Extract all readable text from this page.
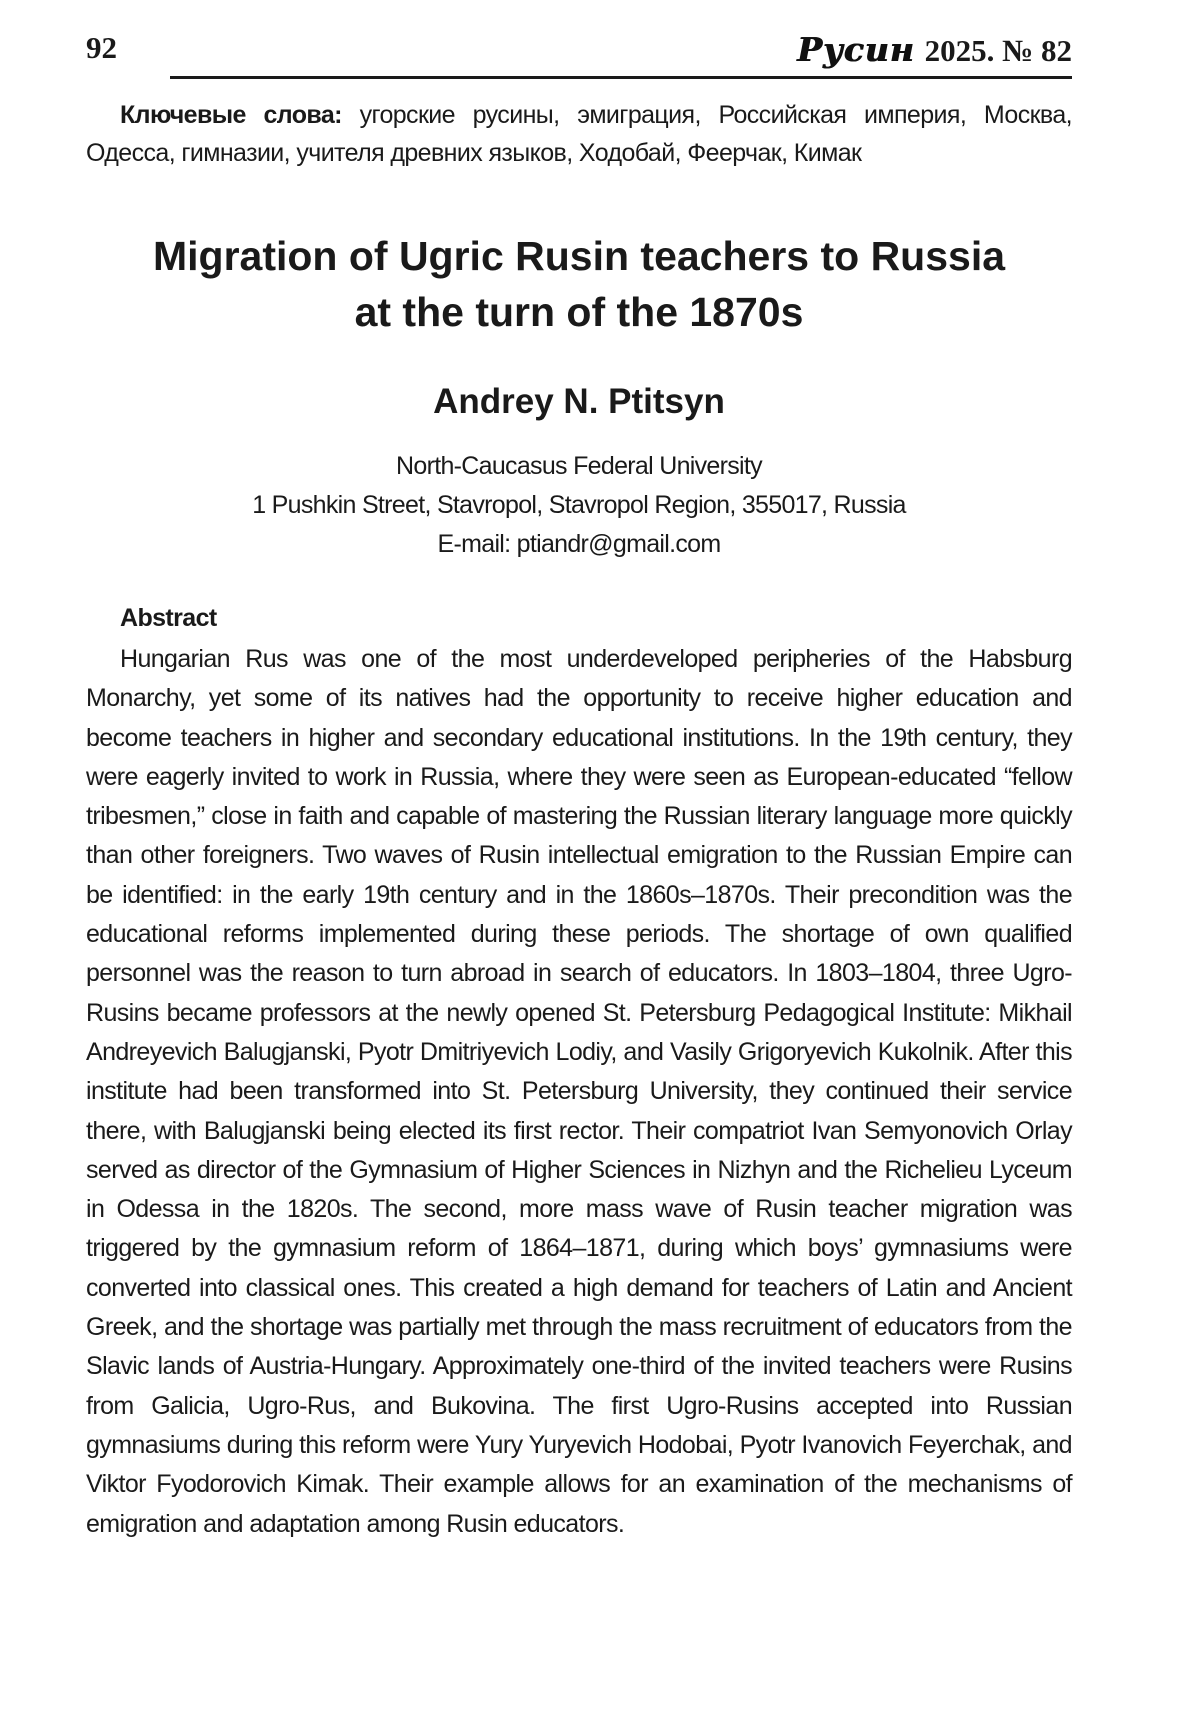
92	Русин 2025. № 82
Ключевые слова: угорские русины, эмиграция, Российская империя, Москва, Одесса, гимназии, учителя древних языков, Ходобай, Феерчак, Кимак
Migration of Ugric Rusin teachers to Russia
at the turn of the 1870s
Andrey N. Ptitsyn
North-Caucasus Federal University
1 Pushkin Street, Stavropol, Stavropol Region, 355017, Russia
E-mail: ptiandr@gmail.com
Abstract
Hungarian Rus was one of the most underdeveloped peripheries of the Habsburg Monarchy, yet some of its natives had the opportunity to receive higher education and become teachers in higher and secondary educational institutions. In the 19th century, they were eagerly invited to work in Russia, where they were seen as European-educated “fellow tribesmen,” close in faith and capable of mastering the Russian literary language more quickly than other foreigners. Two waves of Rusin intellectual emigration to the Russian Empire can be identified: in the early 19th century and in the 1860s–1870s. Their precondition was the educational reforms implemented during these periods. The shortage of own qualified personnel was the reason to turn abroad in search of educators. In 1803–1804, three Ugro-Rusins became professors at the newly opened St. Petersburg Pedagogical Institute: Mikhail Andreyevich Balugjanski, Pyotr Dmitriyevich Lodiy, and Vasily Grigoryevich Kukolnik. After this institute had been transformed into St. Petersburg University, they continued their service there, with Balugjanski being elected its first rector. Their compatriot Ivan Semyonovich Orlay served as director of the Gymnasium of Higher Sciences in Nizhyn and the Richelieu Lyceum in Odessa in the 1820s. The second, more mass wave of Rusin teacher migration was triggered by the gymnasium reform of 1864–1871, during which boys’ gymnasiums were converted into classical ones. This created a high demand for teachers of Latin and Ancient Greek, and the shortage was partially met through the mass recruitment of educators from the Slavic lands of Austria-Hungary. Approximately one-third of the invited teachers were Rusins from Galicia, Ugro-Rus, and Bukovina. The first Ugro-Rusins accepted into Russian gymnasiums during this reform were Yury Yuryevich Hodobai, Pyotr Ivanovich Feyerchak, and Viktor Fyodorovich Kimak. Their example allows for an examination of the mechanisms of emigration and adaptation among Rusin educators.
